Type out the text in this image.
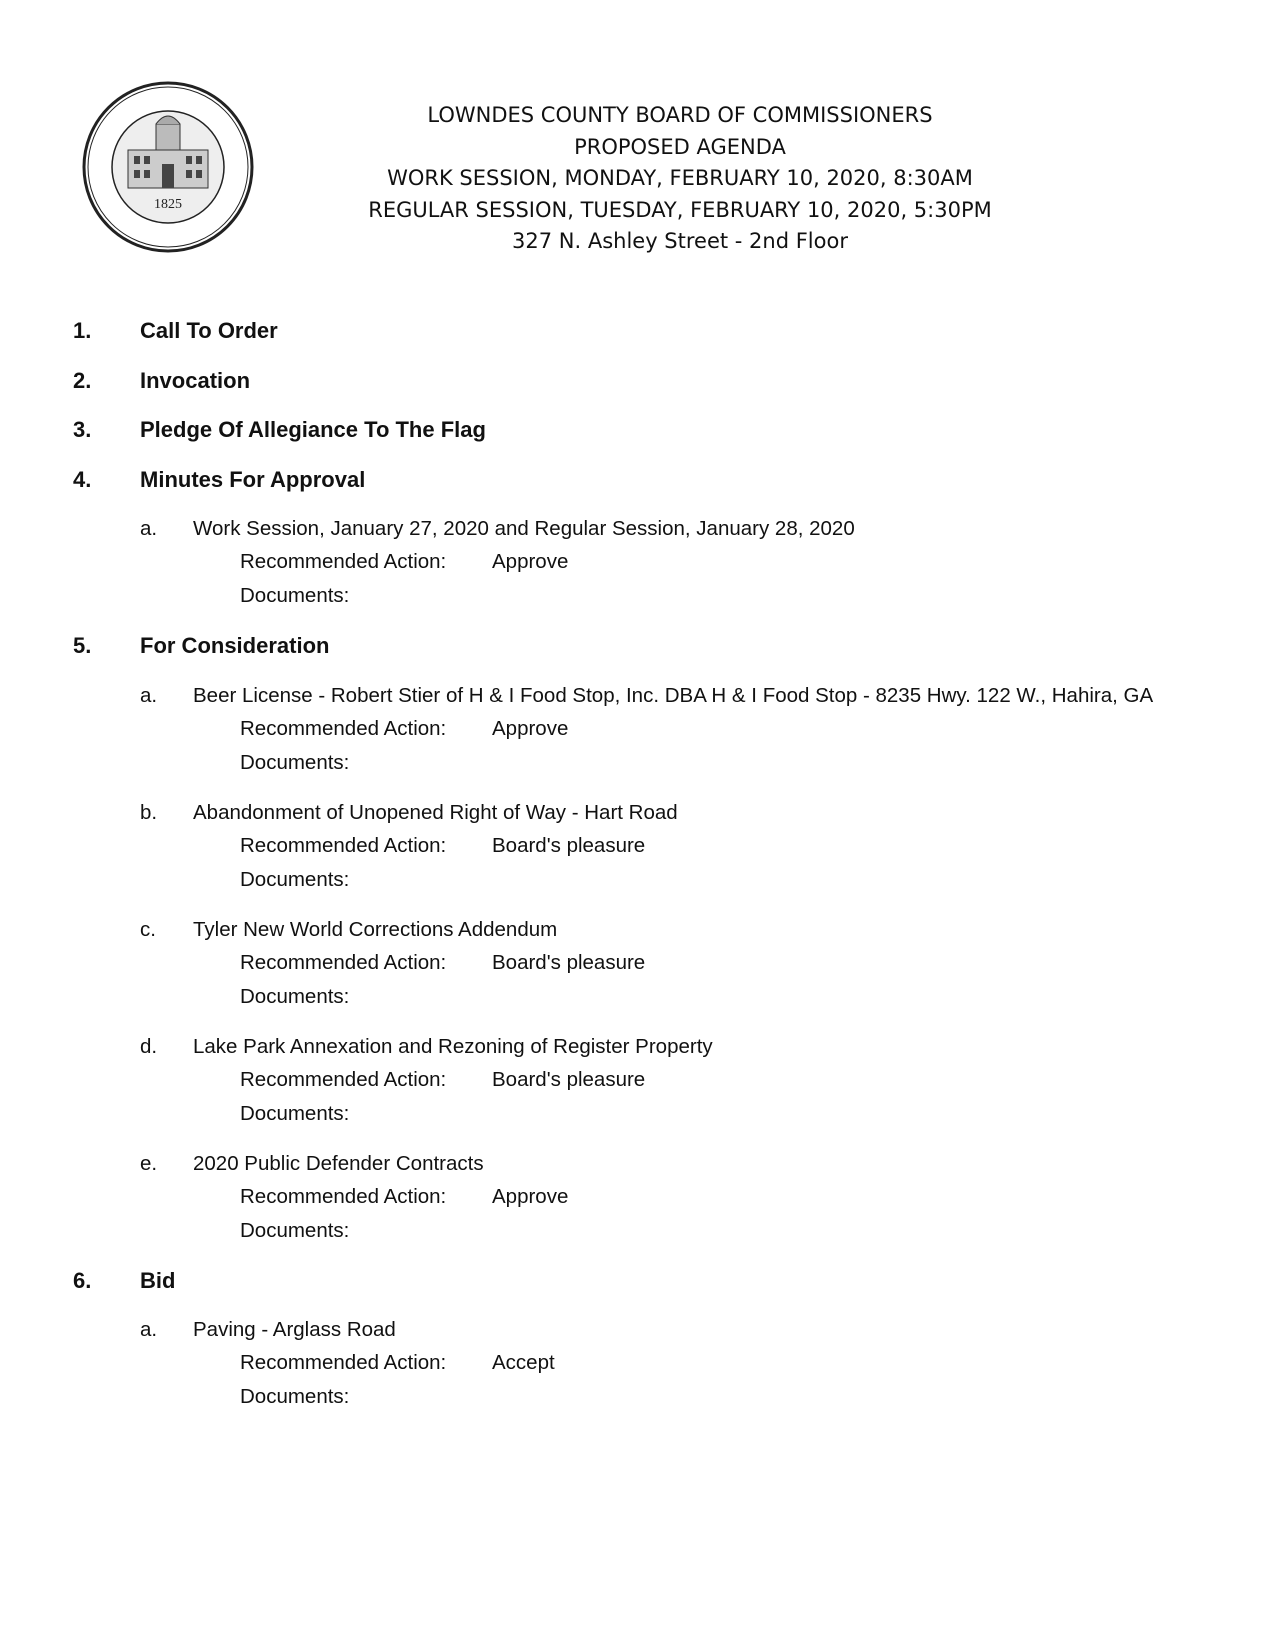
1825
LOWNDES COUNTY BOARD OF COMMISSIONERS
PROPOSED AGENDA
WORK SESSION, MONDAY, FEBRUARY 10, 2020, 8:30AM
REGULAR SESSION, TUESDAY, FEBRUARY 10, 2020, 5:30PM
327 N. Ashley Street - 2nd Floor
1.	Call To Order
2.	Invocation
3.	Pledge Of Allegiance To The Flag
4.	Minutes For Approval
a.	Work Session, January 27, 2020 and Regular Session, January 28, 2020
Recommended Action:	Approve
Documents:
5.	For Consideration
a.	Beer License - Robert Stier of H & I Food Stop, Inc. DBA H & I Food Stop - 8235 Hwy. 122 W., Hahira, GA
Recommended Action:	Approve
Documents:
b.	Abandonment of Unopened Right of Way - Hart Road
Recommended Action:	Board's pleasure
Documents:
c.	Tyler New World Corrections Addendum
Recommended Action:	Board's pleasure
Documents:
d.	Lake Park Annexation and Rezoning of Register Property
Recommended Action:	Board's pleasure
Documents:
e.	2020 Public Defender Contracts
Recommended Action:	Approve
Documents:
6.	Bid
a.	Paving - Arglass Road
Recommended Action:	Accept
Documents:
